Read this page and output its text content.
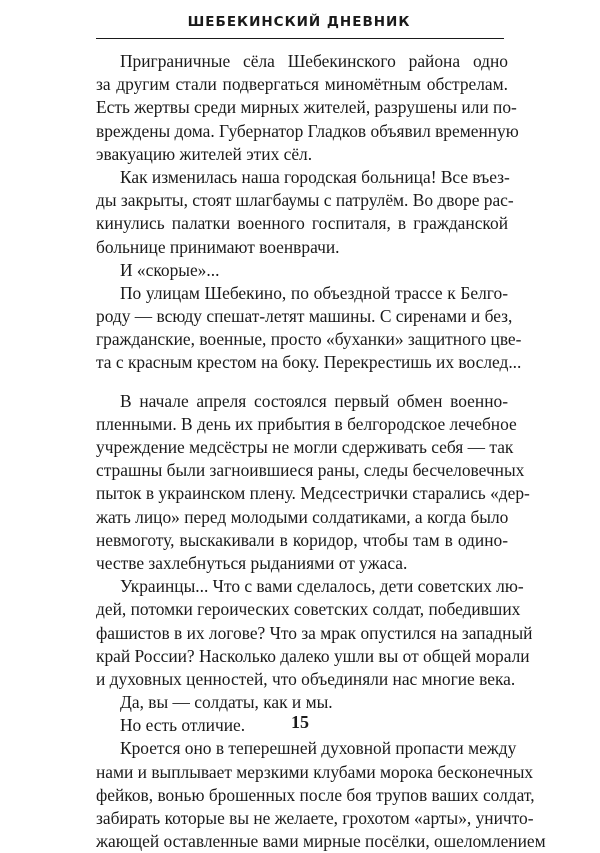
ШЕБЕКИНСКИЙ ДНЕВНИК
Приграничные сёла Шебекинского района одно
за другим стали подвергаться миномётным обстрелам.
Есть жертвы среди мирных жителей, разрушены или по-
вреждены дома. Губернатор Гладков объявил временную
эвакуацию жителей этих сёл.
Как изменилась наша городская больница! Все въез-
ды закрыты, стоят шлагбаумы с патрулём. Во дворе рас-
кинулись палатки военного госпиталя, в гражданской
больнице принимают военврачи.
И «скорые»...
По улицам Шебекино, по объездной трассе к Белго-
роду — всюду спешат-летят машины. С сиренами и без,
гражданские, военные, просто «буханки» защитного цве-
та с красным крестом на боку. Перекрестишь их вослед...
В начале апреля состоялся первый обмен военно-
пленными. В день их прибытия в белгородское лечебное
учреждение медсёстры не могли сдерживать себя — так
страшны были загноившиеся раны, следы бесчеловечных
пыток в украинском плену. Медсестрички старались «дер-
жать лицо» перед молодыми солдатиками, а когда было
невмоготу, выскакивали в коридор, чтобы там в одино-
честве захлебнуться рыданиями от ужаса.
Украинцы... Что с вами сделалось, дети советских лю-
дей, потомки героических советских солдат, победивших
фашистов в их логове? Что за мрак опустился на западный
край России? Насколько далеко ушли вы от общей морали
и духовных ценностей, что объединяли нас многие века.
Да, вы — солдаты, как и мы.
Но есть отличие.
Кроется оно в теперешней духовной пропасти между
нами и выплывает мерзкими клубами морока бесконечных
фейков, вонью брошенных после боя трупов ваших солдат,
забирать которые вы не желаете, грохотом «арты», уничто-
жающей оставленные вами мирные посёлки, ошеломлением
15
